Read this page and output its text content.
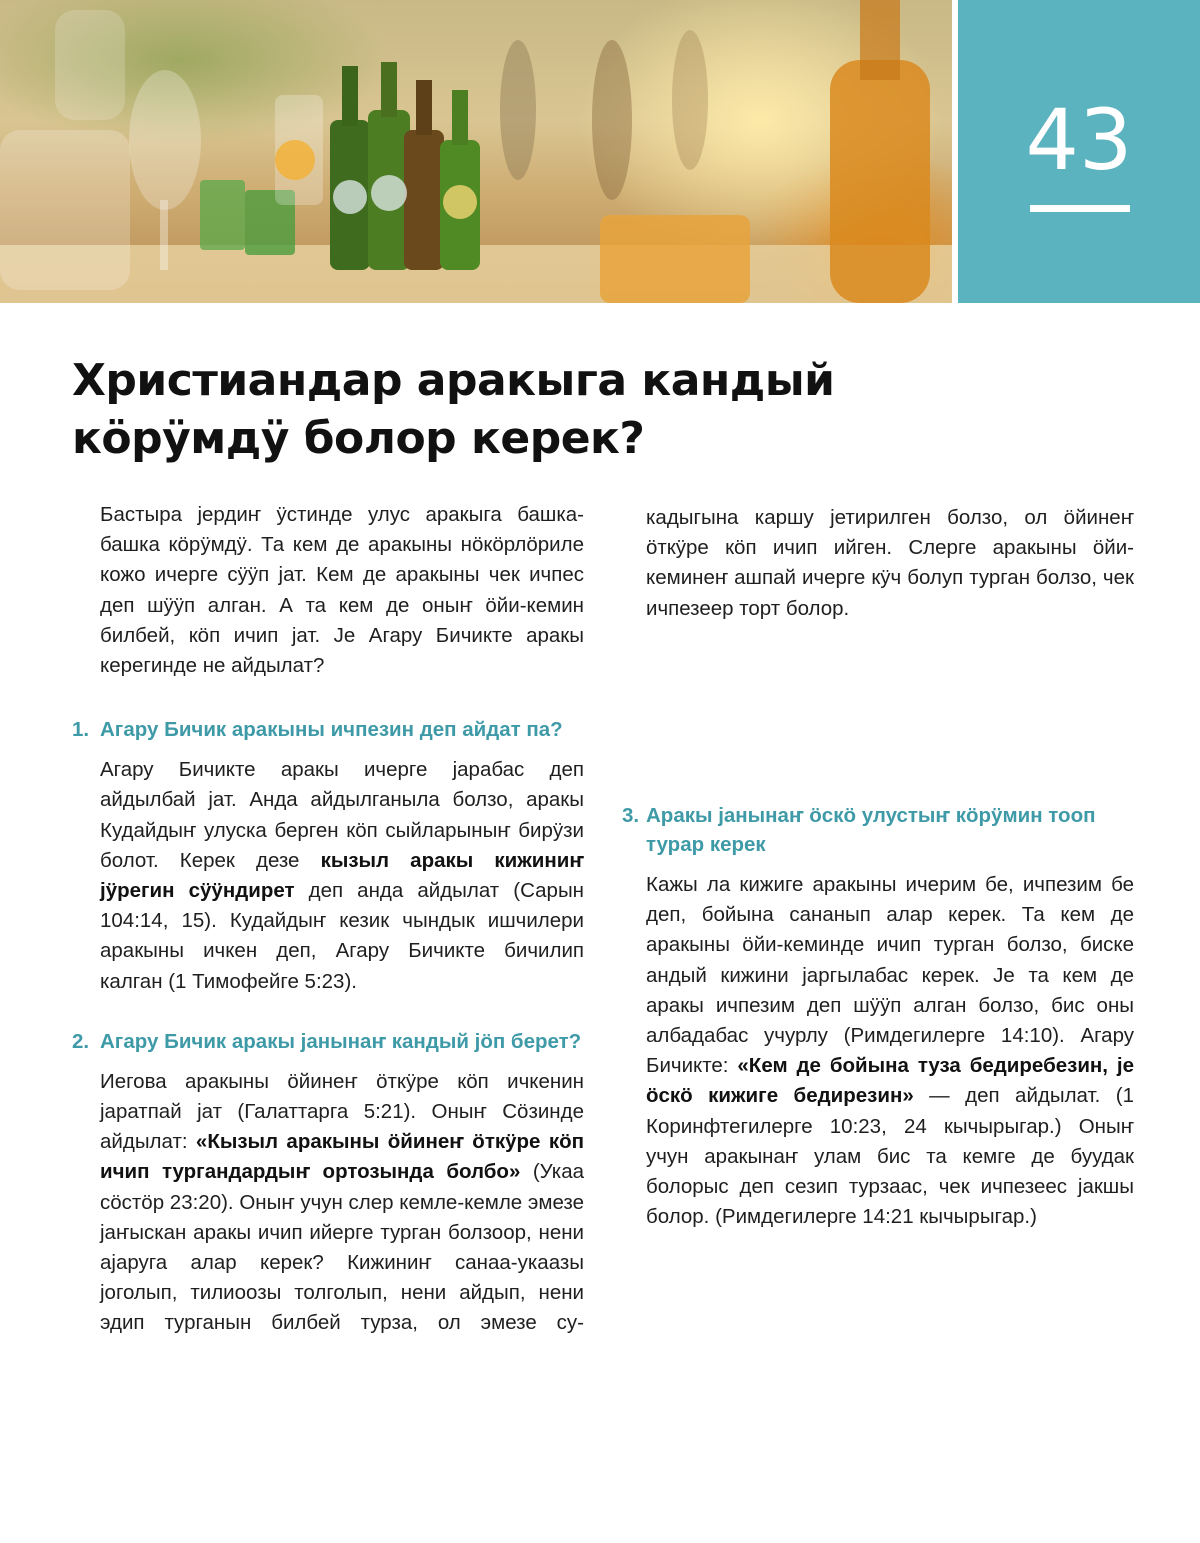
43
Христиандар аракыга кандый кӧрӱмдӱ болор керек?

Бастыра јердиҥ ӱстинде улус аракыга башка-башка кӧрӱмдӱ. Та кем де аракыны нӧкӧрлӧриле кожо ичерге сӱӱп јат. Кем де аракыны чек ичпес деп шӱӱп алган. А та кем де оныҥ ӧйи-кемин билбей, кӧп ичип јат. Је Агару Бичикте аракы керегинде не айдылат?

1. Агару Бичик аракыны ичпезин деп айдат па?

Агару Бичикте аракы ичерге јарабас деп айдылбай јат. Анда айдылганыла болзо, аракы Кудайдыҥ улуска берген кӧп сыйларыныҥ бирӱзи болот. Керек дезе кызыл аракы кижиниҥ јӱрегин сӱӱндирет деп анда айдылат (Сарын 104:14, 15). Кудайдыҥ кезик чындык ишчилери аракыны ичкен деп, Агару Бичикте бичилип калган (1 Тимофейге 5:23).

2. Агару Бичик аракы јанынаҥ кандый јӧп берет?

Иегова аракыны ӧйинеҥ ӧткӱре кӧп ичкенин јаратпай јат (Галаттарга 5:21). Оныҥ Сӧзинде айдылат: «Кызыл аракыны ӧйинеҥ ӧткӱре кӧп ичип тургандардыҥ ортозында болбо» (Укаа сӧстӧр 23:20). Оныҥ учун слер кемле-кемле эмезе јаҥыскан аракы ичип ийерге турган болзоор, нени ајаруга алар керек? Кижиниҥ санаа-укаазы јоголып, тилиоозы толголып, нени айдып, нени эдип турганын билбей турза, ол эмезе су-

кадыгына каршу јетирилген болзо, ол ӧйинеҥ ӧткӱре кӧп ичип ийген. Слерге аракыны ӧйи-кеминеҥ ашпай ичерге кӱч болуп турган болзо, чек ичпезеер торт болор.

3. Аракы јанынаҥ ӧскӧ улустыҥ кӧрӱмин тооп турар керек

Кажы ла кижиге аракыны ичерим бе, ичпезим бе деп, бойына сананып алар керек. Та кем де аракыны ӧйи-кеминде ичип турган болзо, биске андый кижини јаргылабас керек. Је та кем де аракы ичпезим деп шӱӱп алган болзо, бис оны албадабас учурлу (Римдегилерге 14:10). Агару Бичикте: «Кем де бойына туза бедиребезин, је ӧскӧ кижиге бедирезин» — деп айдылат. (1 Коринфтегилерге 10:23, 24 кычырыгар.) Оныҥ учун аракынаҥ улам бис та кемге де буудак болорыс деп сезип турзаас, чек ичпезеес јакшы болор. (Римдегилерге 14:21 кычырыгар.)
